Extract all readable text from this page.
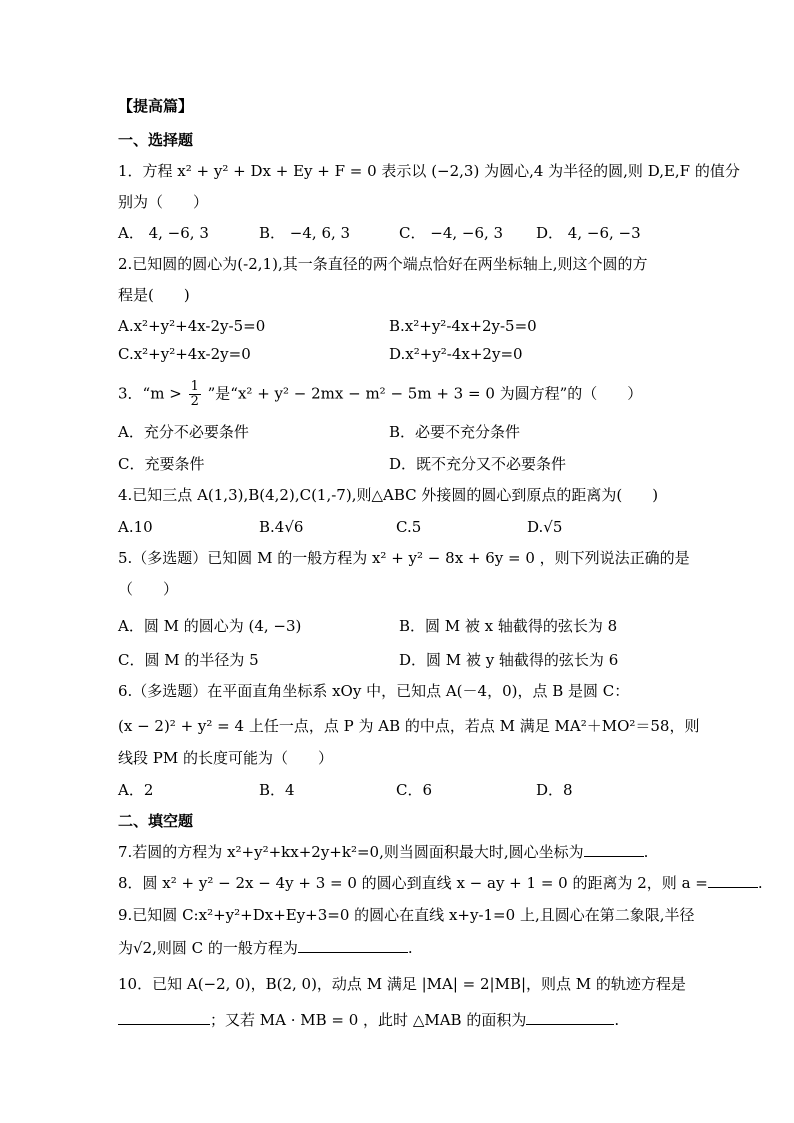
【提高篇】
一、选择题
1．方程 x² + y² + Dx + Ey + F = 0 表示以 (−2,3) 为圆心,4 为半径的圆,则 D,E,F 的值分
别为（　　）
A． 4, −6, 3	B． −4, 6, 3	C． −4, −6, 3 D． 4, −6, −3
2.已知圆的圆心为(-2,1),其一条直径的两个端点恰好在两坐标轴上,则这个圆的方
程是(　　)
A.x²+y²+4x-2y-5=0	B.x²+y²-4x+2y-5=0
C.x²+y²+4x-2y=0	D.x²+y²-4x+2y=0
3．“$m > \frac{1}{2}$ ”是“x² + y² − 2mx − m² − 5m + 3 = 0 为圆方程”的（　　）
A．充分不必要条件	B．必要不充分条件
C．充要条件	D．既不充分又不必要条件
4.已知三点 A(1,3),B(4,2),C(1,-7),则△ABC 外接圆的圆心到原点的距离为(　　)
A.10	B.4√6	C.5	D.√5
5.（多选题）已知圆 M 的一般方程为 x² + y² − 8x + 6y = 0 ，则下列说法正确的是
（　　）
A．圆 M 的圆心为 (4, −3)	B．圆 M 被 x 轴截得的弦长为 8
C．圆 M 的半径为 5	D．圆 M 被 y 轴截得的弦长为 6
6.（多选题）在平面直角坐标系 xOy 中，已知点 A(－4，0)，点 B 是圆 C：
(x − 2)² + y² = 4 上任一点，点 P 为 AB 的中点，若点 M 满足 MA²＋MO²＝58，则
线段 PM 的长度可能为（　　）
A．2	B．4	C．6	D．8
二、填空题
7.若圆的方程为 x²+y²+kx+2y+k²=0,则当圆面积最大时,圆心坐标为	.
8．圆 x² + y² − 2x − 4y + 3 = 0 的圆心到直线 x − ay + 1 = 0 的距离为 2，则 a =	.
9.已知圆 C:x²+y²+Dx+Ey+3=0 的圆心在直线 x+y-1=0 上,且圆心在第二象限,半径
为√2,则圆 C 的一般方程为	.
10．已知 A(−2, 0)，B(2, 0)，动点 M 满足 |MA| = 2|MB|，则点 M 的轨迹方程是
；又若 MA · MB = 0 ，此时 △MAB 的面积为	.
